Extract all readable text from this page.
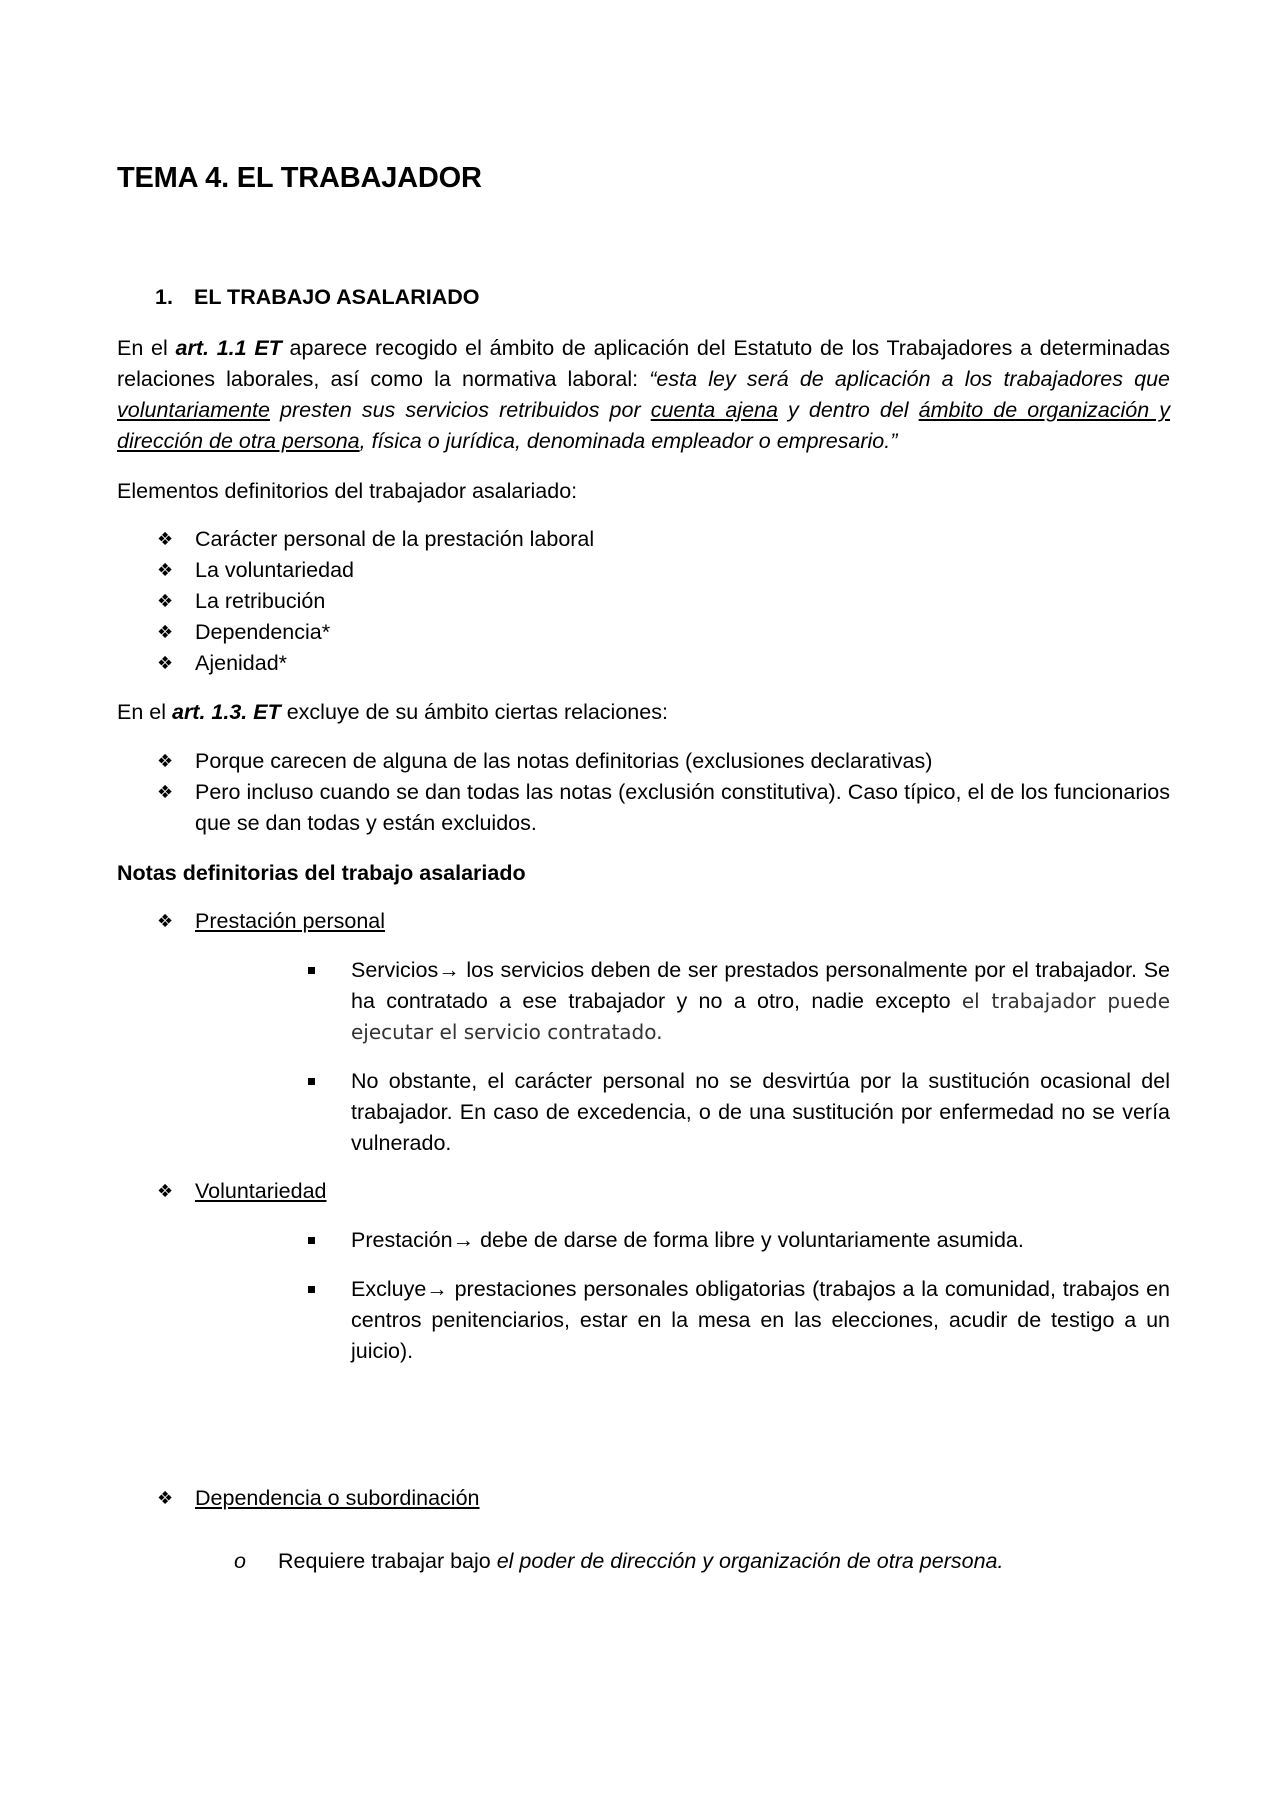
TEMA 4. EL TRABAJADOR

1. EL TRABAJO ASALARIADO

En el art. 1.1 ET aparece recogido el ámbito de aplicación del Estatuto de los Trabajadores a determinadas relaciones laborales, así como la normativa laboral: “esta ley será de aplicación a los trabajadores que voluntariamente presten sus servicios retribuidos por cuenta ajena y dentro del ámbito de organización y dirección de otra persona, física o jurídica, denominada empleador o empresario.”

Elementos definitorios del trabajador asalariado:

❖ Carácter personal de la prestación laboral
❖ La voluntariedad
❖ La retribución
❖ Dependencia*
❖ Ajenidad*

En el art. 1.3. ET excluye de su ámbito ciertas relaciones:

❖ Porque carecen de alguna de las notas definitorias (exclusiones declarativas)
❖ Pero incluso cuando se dan todas las notas (exclusión constitutiva). Caso típico, el de los funcionarios que se dan todas y están excluidos.

Notas definitorias del trabajo asalariado

❖ Prestación personal

Servicios→ los servicios deben de ser prestados personalmente por el trabajador. Se ha contratado a ese trabajador y no a otro, nadie excepto el trabajador puede ejecutar el servicio contratado.

No obstante, el carácter personal no se desvirtúa por la sustitución ocasional del trabajador. En caso de excedencia, o de una sustitución por enfermedad no se vería vulnerado.

❖ Voluntariedad

Prestación→ debe de darse de forma libre y voluntariamente asumida.

Excluye→ prestaciones personales obligatorias (trabajos a la comunidad, trabajos en centros penitenciarios, estar en la mesa en las elecciones, acudir de testigo a un juicio).

❖ Dependencia o subordinación

o Requiere trabajar bajo el poder de dirección y organización de otra persona.
